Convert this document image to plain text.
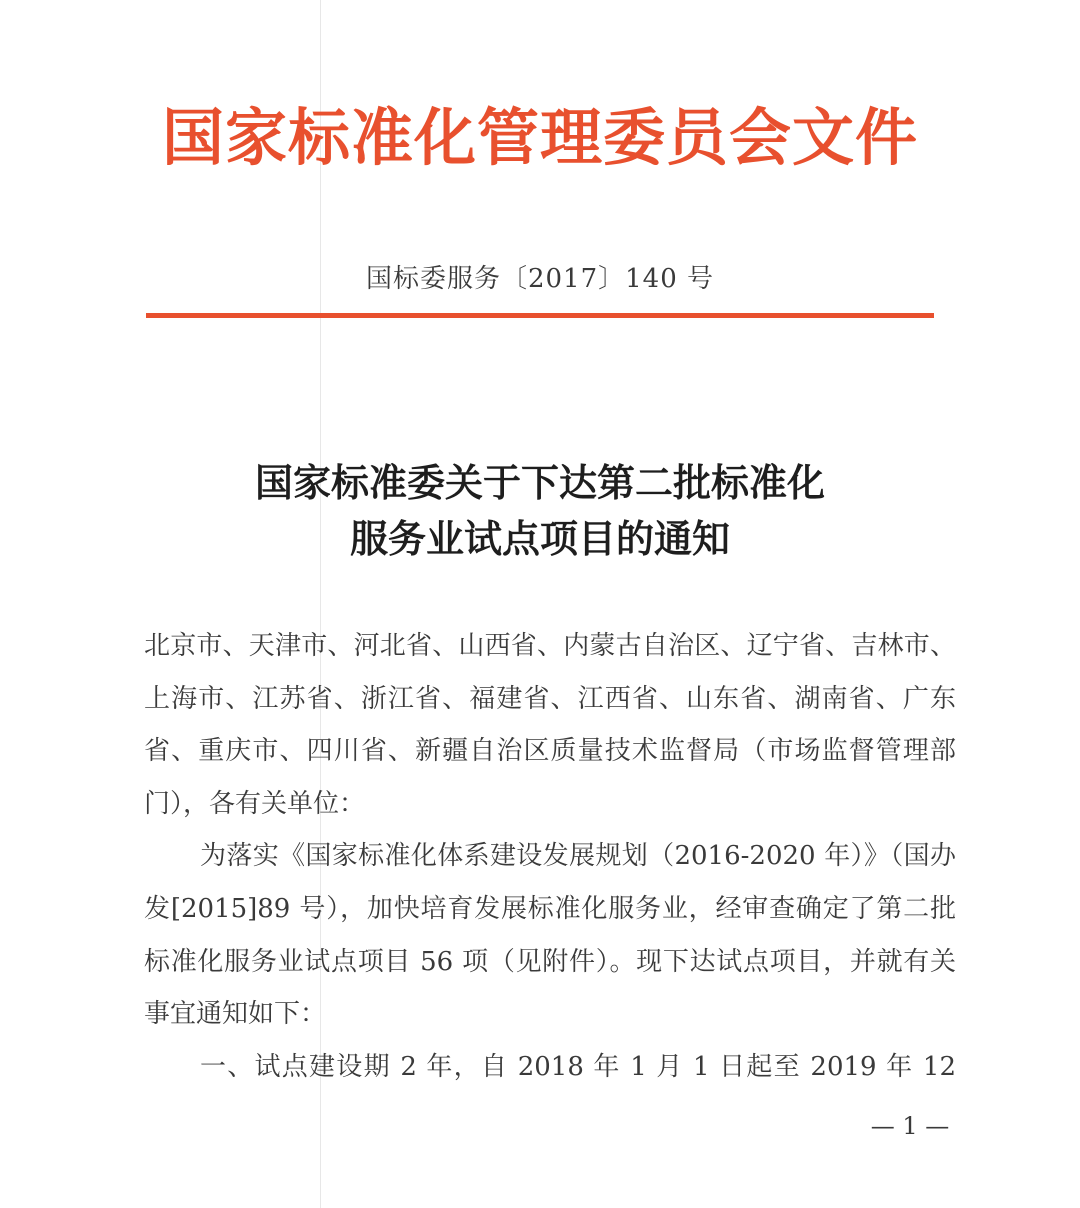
国家标准化管理委员会文件
国标委服务〔2017〕140 号
国家标准委关于下达第二批标准化
服务业试点项目的通知

北京市、天津市、河北省、山西省、内蒙古自治区、辽宁省、吉林市、上海市、江苏省、浙江省、福建省、江西省、山东省、湖南省、广东省、重庆市、四川省、新疆自治区质量技术监督局（市场监督管理部门），各有关单位：

为落实《国家标准化体系建设发展规划（2016-2020 年）》（国办发[2015]89 号），加快培育发展标准化服务业，经审查确定了第二批标准化服务业试点项目 56 项（见附件）。现下达试点项目，并就有关事宜通知如下：

一、试点建设期 2 年，自 2018 年 1 月 1 日起至 2019 年 12

— 1 —
